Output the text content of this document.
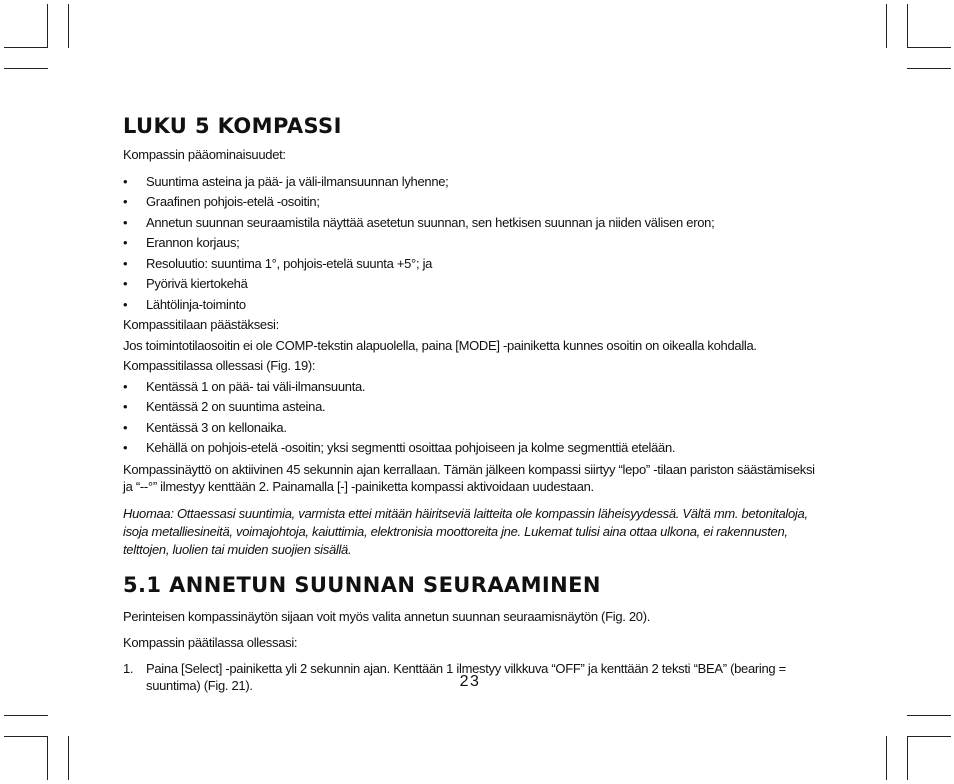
LUKU 5 KOMPASSI

Kompassin pääominaisuudet:

• Suuntima asteina ja pää- ja väli-ilmansuunnan lyhenne;
• Graafinen pohjois-etelä -osoitin;
• Annetun suunnan seuraamistila näyttää asetetun suunnan, sen hetkisen suunnan ja niiden välisen eron;
• Erannon korjaus;
• Resoluutio: suuntima 1°, pohjois-etelä suunta +5°; ja
• Pyörivä kiertokehä
• Lähtölinja-toiminto

Kompassitilaan päästäksesi:

Jos toimintotilaosoitin ei ole COMP-tekstin alapuolella, paina [MODE] -painiketta kunnes osoitin on oikealla kohdalla.

Kompassitilassa ollessasi (Fig. 19):

• Kentässä 1 on pää- tai väli-ilmansuunta.
• Kentässä 2 on suuntima asteina.
• Kentässä 3 on kellonaika.
• Kehällä on pohjois-etelä -osoitin; yksi segmentti osoittaa pohjoiseen ja kolme segmenttiä etelään.

Kompassinäyttö on aktiivinen 45 sekunnin ajan kerrallaan. Tämän jälkeen kompassi siirtyy “lepo” -tilaan pariston säästämiseksi ja “--°” ilmestyy kenttään 2. Painamalla [-] -painiketta kompassi aktivoidaan uudestaan.

Huomaa: Ottaessasi suuntimia, varmista ettei mitään häiritseviä laitteita ole kompassin läheisyydessä. Vältä mm. betonitaloja, isoja metalliesineitä, voimajohtoja, kaiuttimia, elektronisia moottoreita jne. Lukemat tulisi aina ottaa ulkona, ei rakennusten, telttojen, luolien tai muiden suojien sisällä.

5.1 ANNETUN SUUNNAN SEURAAMINEN

Perinteisen kompassinäytön sijaan voit myös valita annetun suunnan seuraamisnäytön (Fig. 20).

Kompassin päätilassa ollessasi:

1. Paina [Select] -painiketta yli 2 sekunnin ajan. Kenttään 1 ilmestyy vilkkuva “OFF” ja kenttään 2 teksti “BEA” (bearing = suuntima) (Fig. 21).	23
